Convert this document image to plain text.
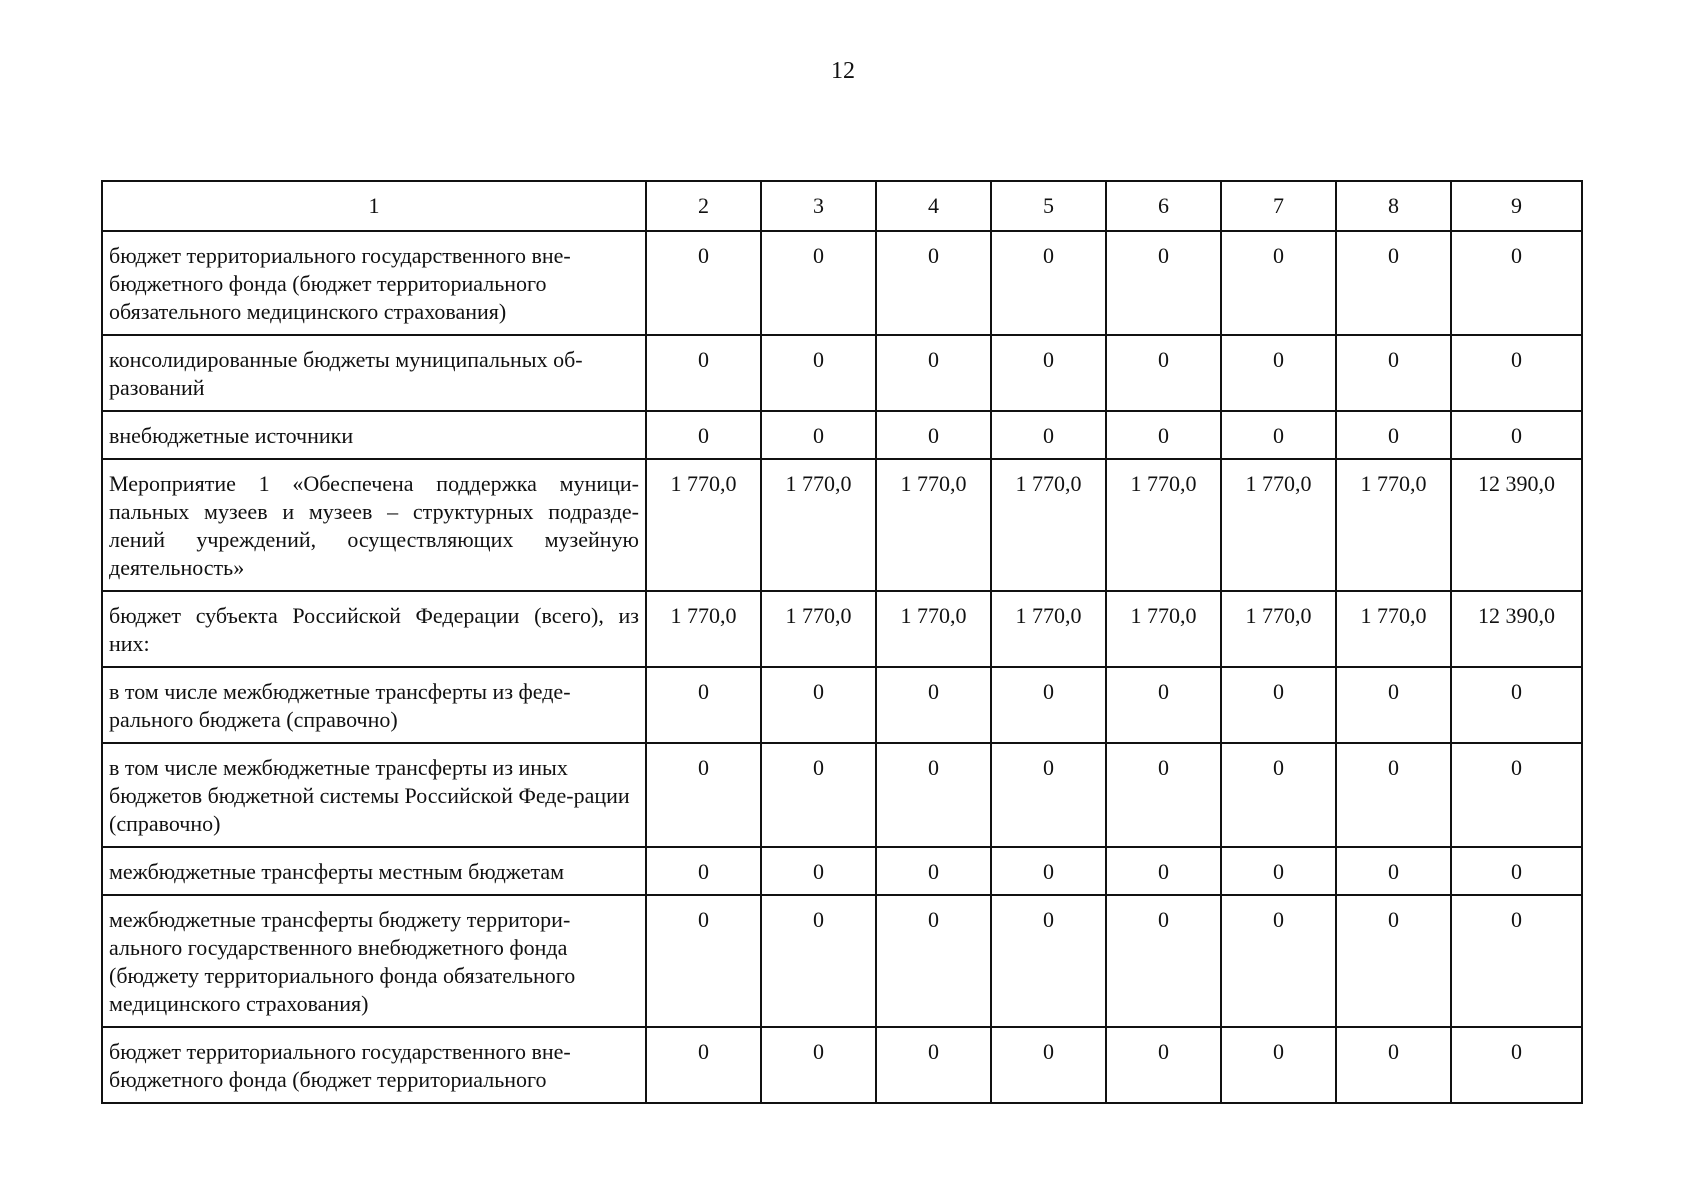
12
1	2	3	4	5	6	7	8	9
бюджет территориального государственного вне-бюджетного фонда (бюджет территориального обязательного медицинского страхования)	0	0	0	0	0	0	0	0
консолидированные бюджеты муниципальных об-разований	0	0	0	0	0	0	0	0
внебюджетные источники	0	0	0	0	0	0	0	0
Мероприятие 1 «Обеспечена поддержка муници-пальных музеев и музеев – структурных подразде-лений учреждений, осуществляющих музейную деятельность»	1 770,0	1 770,0	1 770,0	1 770,0	1 770,0	1 770,0	1 770,0	12 390,0
бюджет субъекта Российской Федерации (всего), из них:	1 770,0	1 770,0	1 770,0	1 770,0	1 770,0	1 770,0	1 770,0	12 390,0
в том числе межбюджетные трансферты из феде-рального бюджета (справочно)	0	0	0	0	0	0	0	0
в том числе межбюджетные трансферты из иных бюджетов бюджетной системы Российской Феде-рации (справочно)	0	0	0	0	0	0	0	0
межбюджетные трансферты местным бюджетам	0	0	0	0	0	0	0	0
межбюджетные трансферты бюджету территори-ального государственного внебюджетного фонда (бюджету территориального фонда обязательного медицинского страхования)	0	0	0	0	0	0	0	0
бюджет территориального государственного вне-бюджетного фонда (бюджет территориального	0	0	0	0	0	0	0	0
